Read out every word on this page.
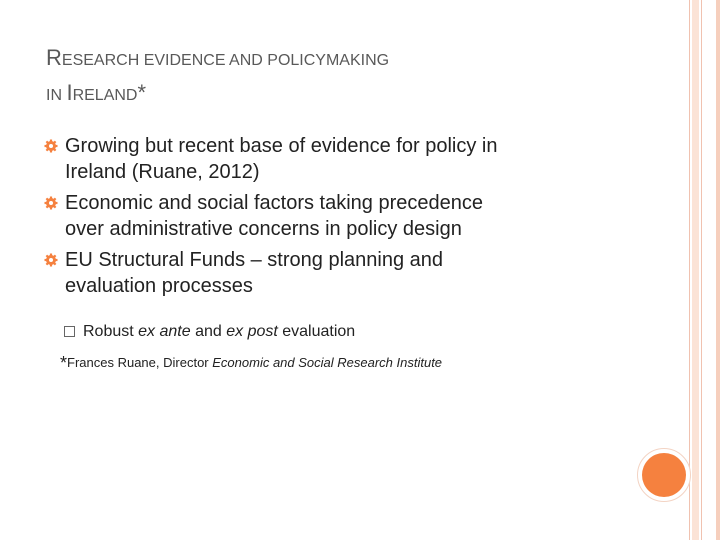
RESEARCH EVIDENCE AND POLICYMAKING
IN IRELAND*
Growing but recent base of evidence for policy in
Ireland (Ruane, 2012)
Economic and social factors taking precedence
over administrative concerns in policy design
EU Structural Funds – strong planning and
evaluation processes
Robust ex ante and ex post evaluation
*Frances Ruane, Director Economic and Social Research Institute
